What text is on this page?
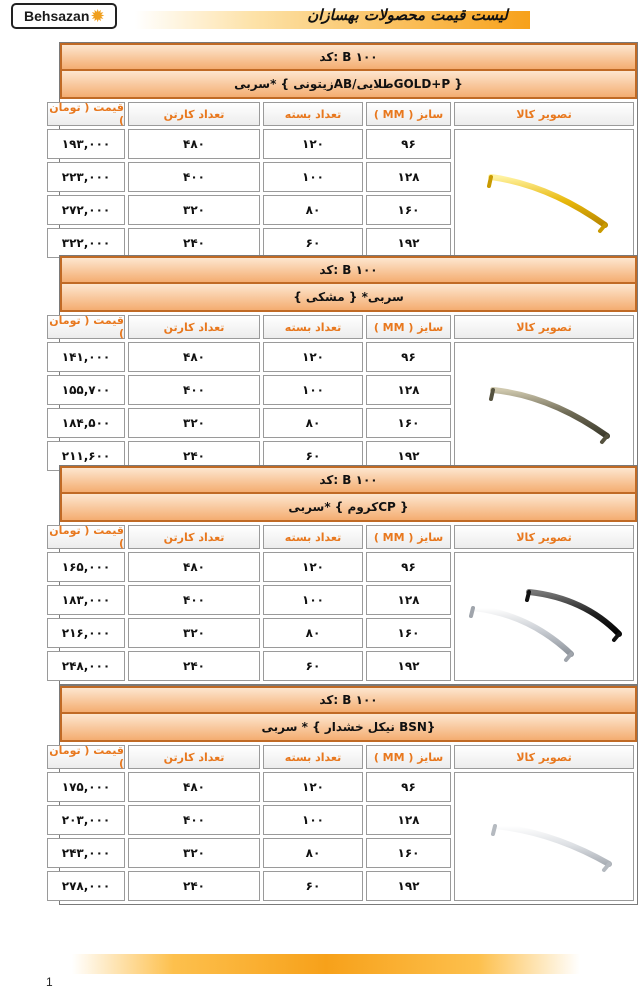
Behsazan ✹	لیست قیمت محصولات بهسازان
کد: B ۱۰۰
سربی* { زیتونیAB/طلاییGOLD+P }
تصویر کالا
سایز ( MM )
تعداد بسته
تعداد کارتن
قیمت ( تومان )
۹۶
۱۲۰
۴۸۰
۱۹۳,۰۰۰
۱۲۸
۱۰۰
۴۰۰
۲۲۳,۰۰۰
۱۶۰
۸۰
۳۲۰
۲۷۲,۰۰۰
۱۹۲
۶۰
۲۴۰
۳۲۲,۰۰۰
کد: B ۱۰۰
سربی* { مشکی }
تصویر کالا
سایز ( MM )
تعداد بسته
تعداد کارتن
قیمت ( تومان )
۹۶
۱۲۰
۴۸۰
۱۴۱,۰۰۰
۱۲۸
۱۰۰
۴۰۰
۱۵۵,۷۰۰
۱۶۰
۸۰
۳۲۰
۱۸۴,۵۰۰
۱۹۲
۶۰
۲۴۰
۲۱۱,۶۰۰
کد: B ۱۰۰
سربی* { کرومCP }
تصویر کالا
سایز ( MM )
تعداد بسته
تعداد کارتن
قیمت ( تومان )
۹۶
۱۲۰
۴۸۰
۱۶۵,۰۰۰
۱۲۸
۱۰۰
۴۰۰
۱۸۳,۰۰۰
۱۶۰
۸۰
۳۲۰
۲۱۶,۰۰۰
۱۹۲
۶۰
۲۴۰
۲۴۸,۰۰۰
کد: B ۱۰۰
سربی * { نیکل خشدار BSN}
تصویر کالا
سایز ( MM )
تعداد بسته
تعداد کارتن
قیمت ( تومان )
۹۶
۱۲۰
۴۸۰
۱۷۵,۰۰۰
۱۲۸
۱۰۰
۴۰۰
۲۰۳,۰۰۰
۱۶۰
۸۰
۳۲۰
۲۴۳,۰۰۰
۱۹۲
۶۰
۲۴۰
۲۷۸,۰۰۰
1
